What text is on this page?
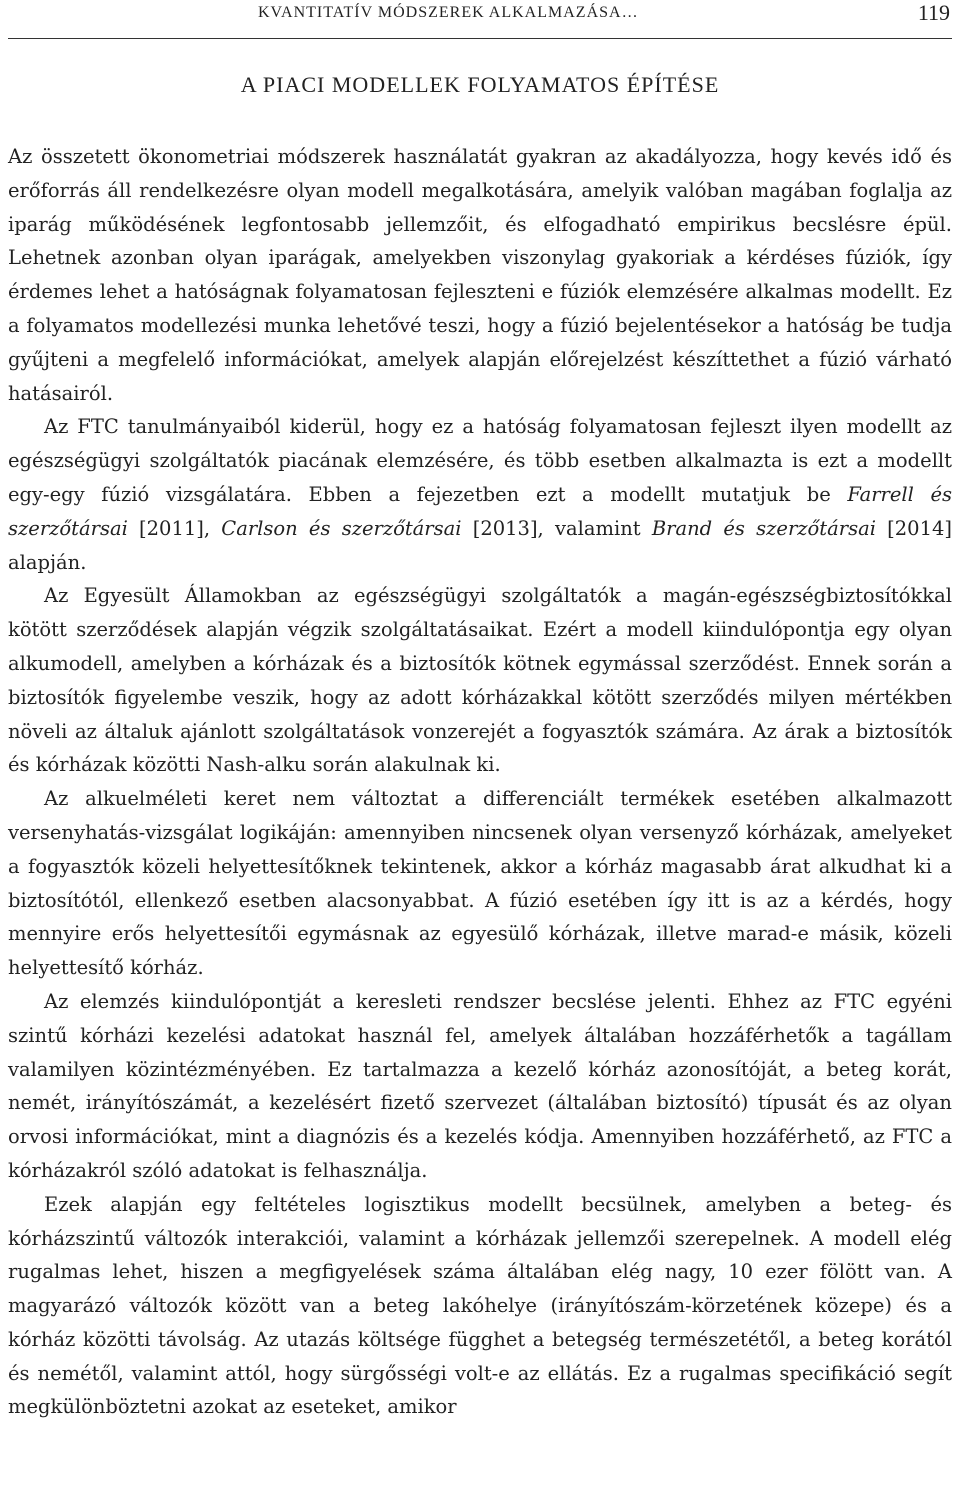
KVANTITATÍV MÓDSZEREK ALKALMAZÁSA…	119
A PIACI MODELLEK FOLYAMATOS ÉPÍTÉSE

Az összetett ökonometriai módszerek használatát gyakran az akadályozza, hogy kevés idő és erőforrás áll rendelkezésre olyan modell megalkotására, amelyik valóban magában foglalja az iparág működésének legfontosabb jellemzőit, és elfogadható empirikus becslésre épül. Lehetnek azonban olyan iparágak, amelyekben viszonylag gyakoriak a kérdéses fúziók, így érdemes lehet a hatóságnak folyamatosan fejleszteni e fúziók elemzésére alkalmas modellt. Ez a folyamatos modellezési munka lehetővé teszi, hogy a fúzió bejelentésekor a hatóság be tudja gyűjteni a megfelelő információkat, amelyek alapján előrejelzést készíttethet a fúzió várható hatásairól.

Az FTC tanulmányaiból kiderül, hogy ez a hatóság folyamatosan fejleszt ilyen modellt az egészségügyi szolgáltatók piacának elemzésére, és több esetben alkalmazta is ezt a modellt egy-egy fúzió vizsgálatára. Ebben a fejezetben ezt a modellt mutatjuk be Farrell és szerzőtársai [2011], Carlson és szerzőtársai [2013], valamint Brand és szerzőtársai [2014] alapján.

Az Egyesült Államokban az egészségügyi szolgáltatók a magán-egészségbiztosítókkal kötött szerződések alapján végzik szolgáltatásaikat. Ezért a modell kiindulópontja egy olyan alkumodell, amelyben a kórházak és a biztosítók kötnek egymással szerződést. Ennek során a biztosítók figyelembe veszik, hogy az adott kórházakkal kötött szerződés milyen mértékben növeli az általuk ajánlott szolgáltatások vonzerejét a fogyasztók számára. Az árak a biztosítók és kórházak közötti Nash-alku során alakulnak ki.

Az alkuelméleti keret nem változtat a differenciált termékek esetében alkalmazott versenyhatás-vizsgálat logikáján: amennyiben nincsenek olyan versenyző kórházak, amelyeket a fogyasztók közeli helyettesítőknek tekintenek, akkor a kórház magasabb árat alkudhat ki a biztosítótól, ellenkező esetben alacsonyabbat. A fúzió esetében így itt is az a kérdés, hogy mennyire erős helyettesítői egymásnak az egyesülő kórházak, illetve marad-e másik, közeli helyettesítő kórház.

Az elemzés kiindulópontját a keresleti rendszer becslése jelenti. Ehhez az FTC egyéni szintű kórházi kezelési adatokat használ fel, amelyek általában hozzáférhetők a tagállam valamilyen közintézményében. Ez tartalmazza a kezelő kórház azonosítóját, a beteg korát, nemét, irányítószámát, a kezelésért fizető szervezet (általában biztosító) típusát és az olyan orvosi információkat, mint a diagnózis és a kezelés kódja. Amennyiben hozzáférhető, az FTC a kórházakról szóló adatokat is felhasználja.

Ezek alapján egy feltételes logisztikus modellt becsülnek, amelyben a beteg- és kórházszintű változók interakciói, valamint a kórházak jellemzői szerepelnek. A modell elég rugalmas lehet, hiszen a megfigyelések száma általában elég nagy, 10 ezer fölött van. A magyarázó változók között van a beteg lakóhelye (irányítószám-körzetének közepe) és a kórház közötti távolság. Az utazás költsége függhet a betegség természetétől, a beteg korától és nemétől, valamint attól, hogy sürgősségi volt-e az ellátás. Ez a rugalmas specifikáció segít megkülönböztetni azokat az eseteket, amikor
